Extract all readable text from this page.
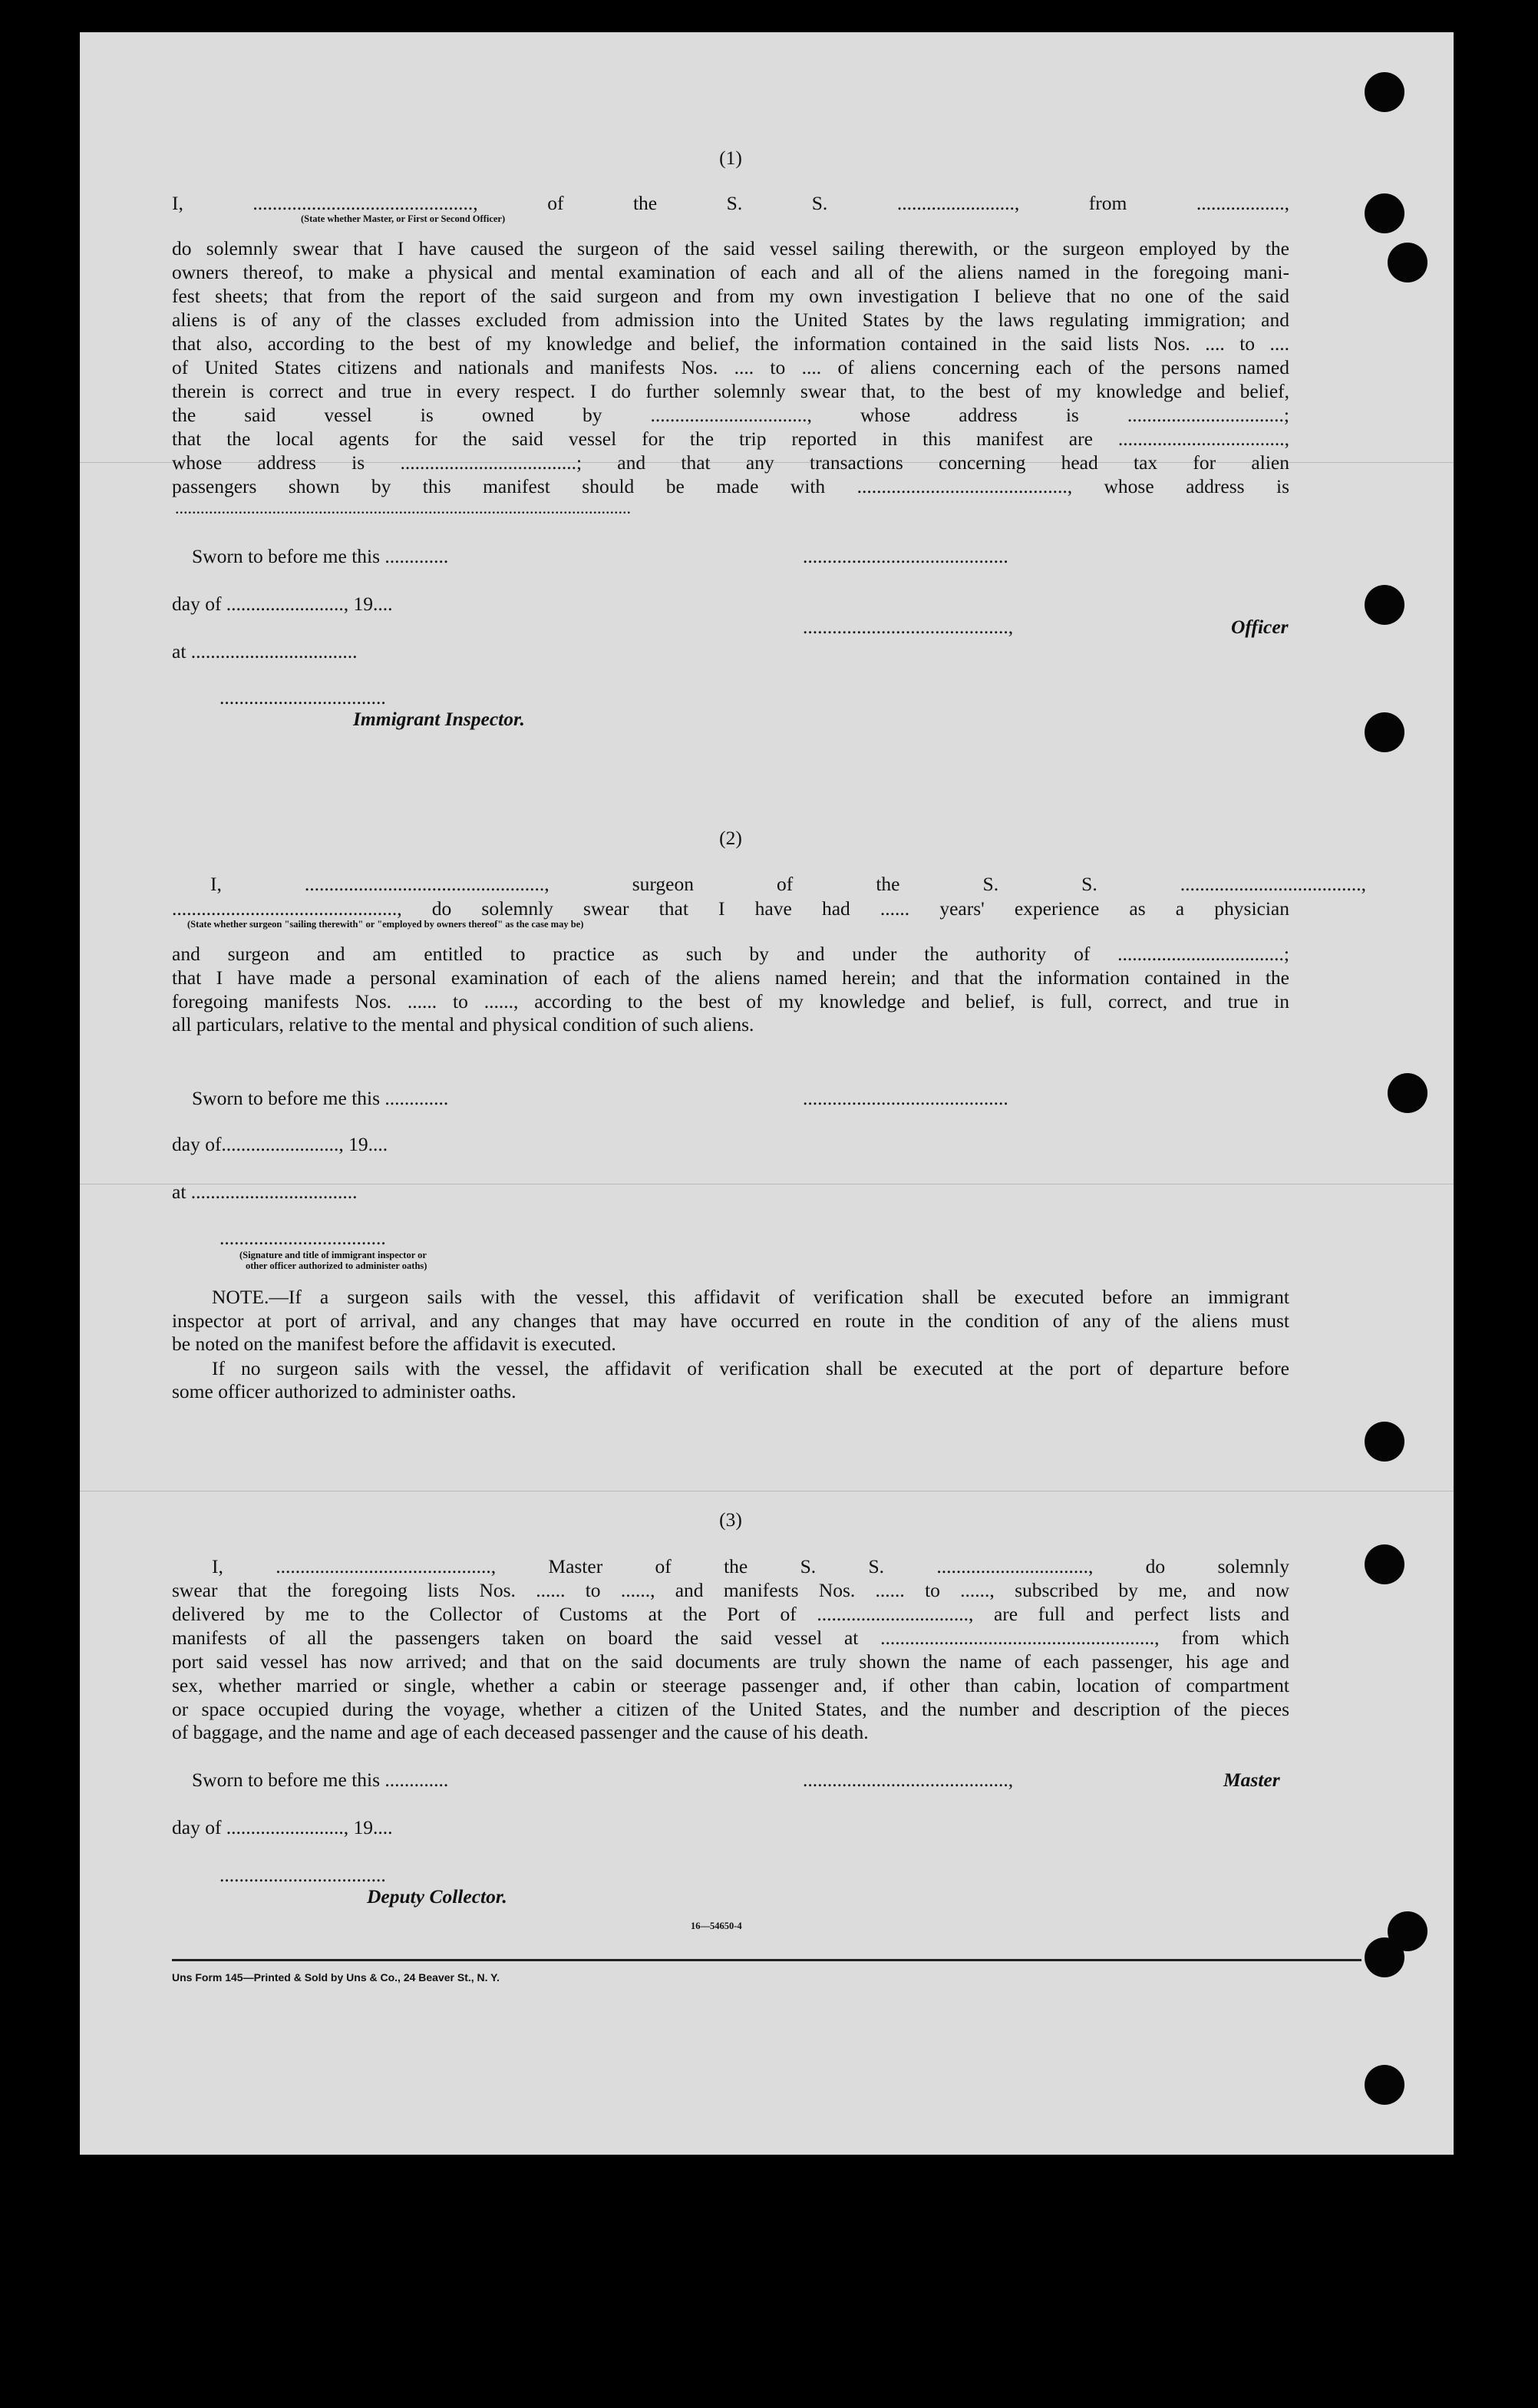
(1)
I, ............................................., of the S. S. ........................, from ..................,
(State whether Master, or First or Second Officer)
do solemnly swear that I have caused the surgeon of the said vessel sailing therewith, or the surgeon employed by the
owners thereof, to make a physical and mental examination of each and all of the aliens named in the foregoing mani-
fest sheets; that from the report of the said surgeon and from my own investigation I believe that no one of the said
aliens is of any of the classes excluded from admission into the United States by the laws regulating immigration; and
that also, according to the best of my knowledge and belief, the information contained in the said lists Nos. .... to ....
of United States citizens and nationals and manifests Nos. .... to .... of aliens concerning each of the persons named
therein is correct and true in every respect. I do further solemnly swear that, to the best of my knowledge and belief,
the said vessel is owned by ................................, whose address is ................................;
that the local agents for the said vessel for the trip reported in this manifest are ..................................,
whose address is ....................................; and that any transactions concerning head tax for alien
passengers shown by this manifest should be made with ..........................................., whose address is
............................................................................................................
Sworn to before me this .............	..........................................
day of ........................, 19....
..........................................,	Officer
at ..................................
..................................
Immigrant Inspector.
(2)
I, ................................................., surgeon of the S. S. .....................................,
.............................................., do solemnly swear that I have had ...... years' experience as a physician
(State whether surgeon "sailing therewith" or "employed by owners thereof" as the case may be)
and surgeon and am entitled to practice as such by and under the authority of ..................................;
that I have made a personal examination of each of the aliens named herein; and that the information contained in the
foregoing manifests Nos. ...... to ......, according to the best of my knowledge and belief, is full, correct, and true in
all particulars, relative to the mental and physical condition of such aliens.
Sworn to before me this .............	..........................................
day of........................, 19....
at ..................................
..................................
(Signature and title of immigrant inspector or
other officer authorized to administer oaths)
NOTE.—If a surgeon sails with the vessel, this affidavit of verification shall be executed before an immigrant
inspector at port of arrival, and any changes that may have occurred en route in the condition of any of the aliens must
be noted on the manifest before the affidavit is executed.
If no surgeon sails with the vessel, the affidavit of verification shall be executed at the port of departure before
some officer authorized to administer oaths.
(3)
I, ............................................, Master of the S. S. ..............................., do solemnly
swear that the foregoing lists Nos. ...... to ......, and manifests Nos. ...... to ......, subscribed by me, and now
delivered by me to the Collector of Customs at the Port of ..............................., are full and perfect lists and
manifests of all the passengers taken on board the said vessel at ........................................................, from which
port said vessel has now arrived; and that on the said documents are truly shown the name of each passenger, his age and
sex, whether married or single, whether a cabin or steerage passenger and, if other than cabin, location of compartment
or space occupied during the voyage, whether a citizen of the United States, and the number and description of the pieces
of baggage, and the name and age of each deceased passenger and the cause of his death.
Sworn to before me this .............	..........................................,	Master
day of ........................, 19....
..................................
Deputy Collector.
16—54650-4
Uns Form 145—Printed & Sold by Uns & Co., 24 Beaver St., N. Y.
